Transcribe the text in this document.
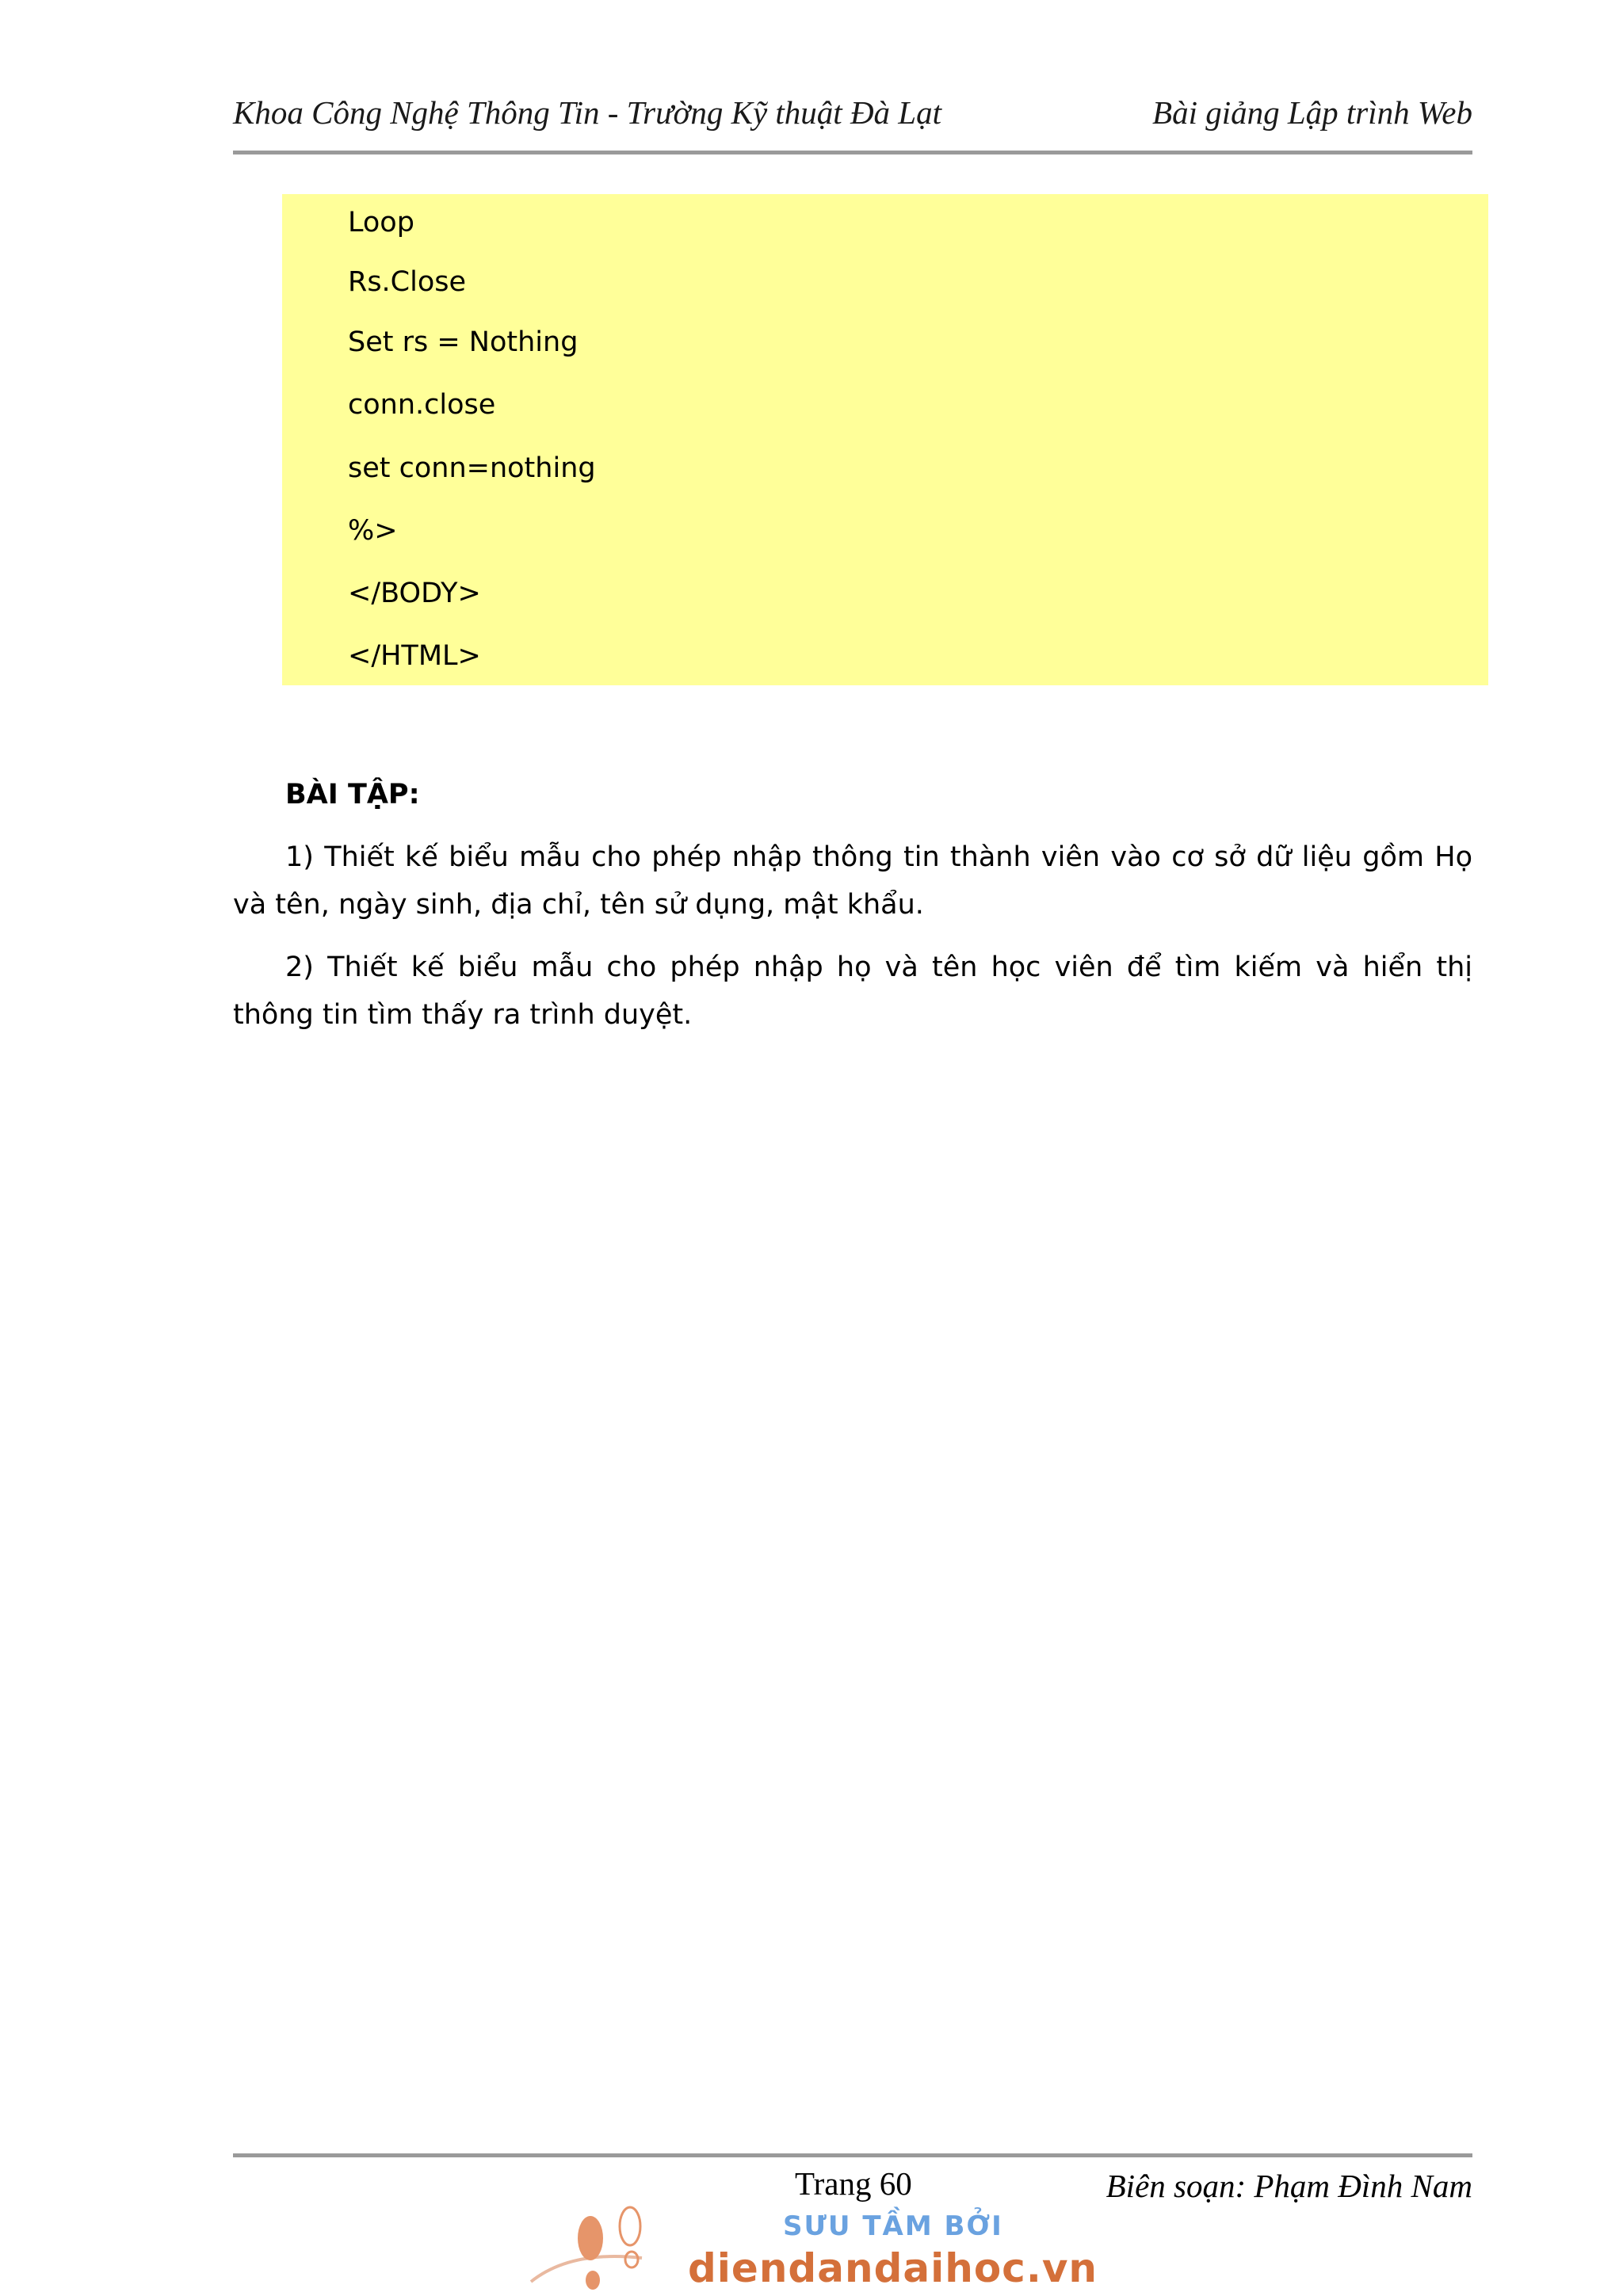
Khoa Công Nghệ Thông Tin - Trường Kỹ thuật Đà Lạt	Bài giảng Lập trình Web
Loop
Rs.Close
Set rs = Nothing
conn.close
set conn=nothing
%>
</BODY>
</HTML>
BÀI TẬP:

1) Thiết kế biểu mẫu cho phép nhập thông tin thành viên vào cơ sở dữ liệu gồm Họ và tên, ngày sinh, địa chỉ, tên sử dụng, mật khẩu.

2) Thiết kế biểu mẫu cho phép nhập họ và tên học viên để tìm kiếm và hiển thị thông tin tìm thấy ra trình duyệt.

Trang 60	Biên soạn: Phạm Đình Nam
SƯU TẦM BỞI
diendandaihoc.vn
